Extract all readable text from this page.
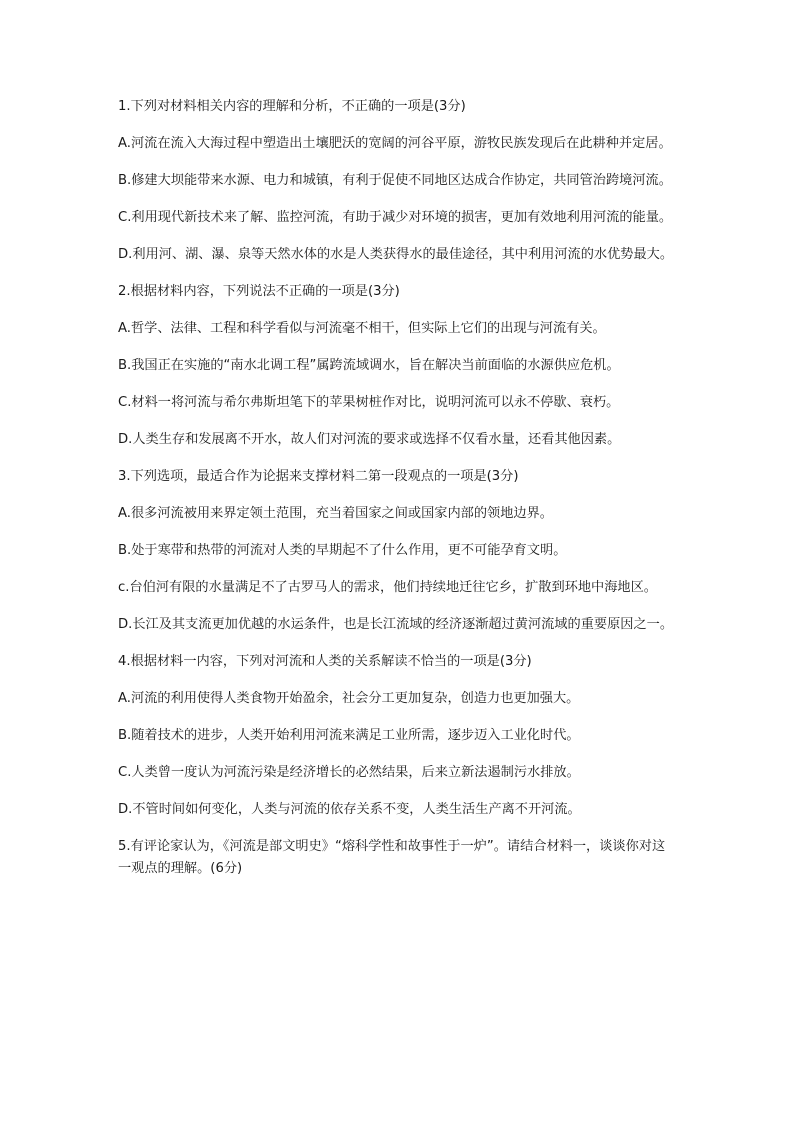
1.下列对材料相关内容的理解和分析，不正确的一项是(3分)

A.河流在流入大海过程中塑造出土壤肥沃的宽阔的河谷平原，游牧民族发现后在此耕种并定居。

B.修建大坝能带来水源、电力和城镇，有利于促使不同地区达成合作协定，共同管治跨境河流。

C.利用现代新技术来了解、监控河流，有助于减少对环境的损害，更加有效地利用河流的能量。

D.利用河、湖、瀑、泉等天然水体的水是人类获得水的最佳途径，其中利用河流的水优势最大。

2.根据材料内容，下列说法不正确的一项是(3分)

A.哲学、法律、工程和科学看似与河流毫不相干，但实际上它们的出现与河流有关。

B.我国正在实施的“南水北调工程”属跨流域调水，旨在解决当前面临的水源供应危机。

C.材料一将河流与希尔弗斯坦笔下的苹果树桩作对比，说明河流可以永不停歇、衰朽。

D.人类生存和发展离不开水，故人们对河流的要求或选择不仅看水量，还看其他因素。

3.下列选项，最适合作为论据来支撑材料二第一段观点的一项是(3分)

A.很多河流被用来界定领土范围，充当着国家之间或国家内部的领地边界。

B.处于寒带和热带的河流对人类的早期起不了什么作用，更不可能孕育文明。

c.台伯河有限的水量满足不了古罗马人的需求，他们持续地迁往它乡，扩散到环地中海地区。

D.长江及其支流更加优越的水运条件，也是长江流域的经济逐渐超过黄河流域的重要原因之一。

4.根据材料一内容，下列对河流和人类的关系解读不恰当的一项是(3分)

A.河流的利用使得人类食物开始盈余，社会分工更加复杂，创造力也更加强大。

B.随着技术的进步，人类开始利用河流来满足工业所需，逐步迈入工业化时代。

C.人类曾一度认为河流污染是经济增长的必然结果，后来立新法遏制污水排放。

D.不管时间如何变化，人类与河流的依存关系不变，人类生活生产离不开河流。

5.有评论家认为，《河流是部文明史》“熔科学性和故事性于一炉”。请结合材料一，谈谈你对这一观点的理解。(6分)
